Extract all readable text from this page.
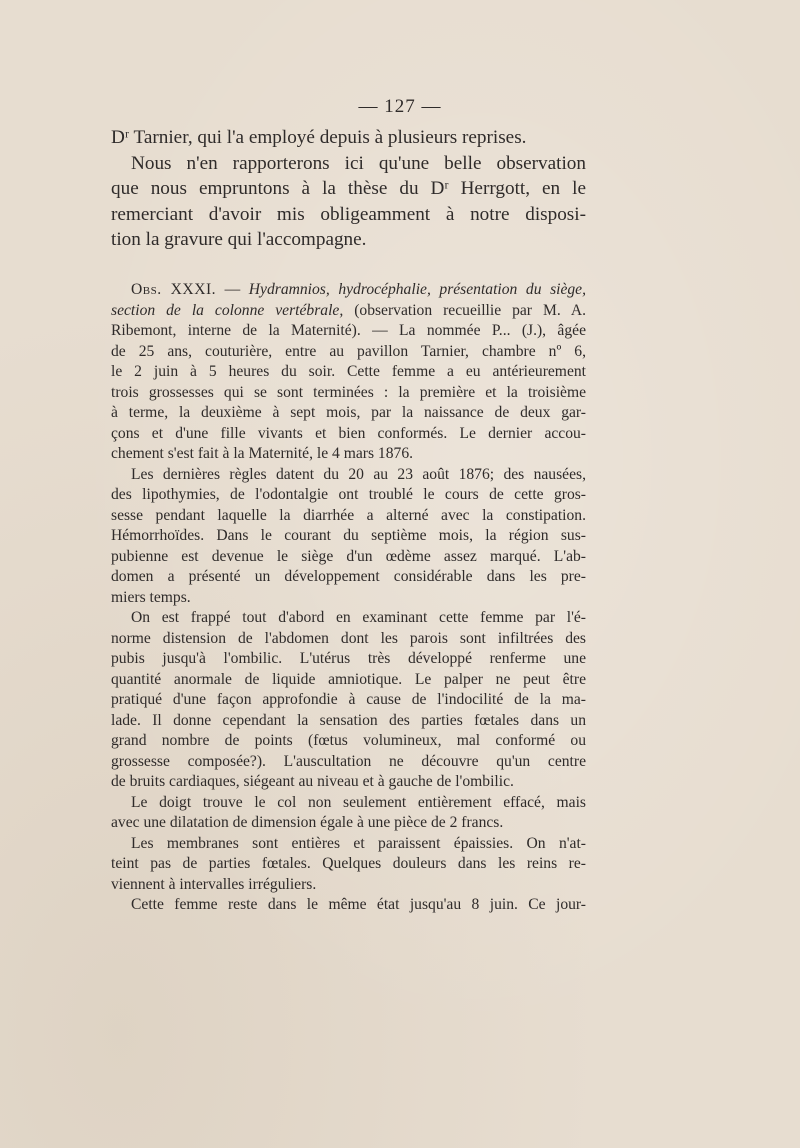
— 127 —

Dʳ Tarnier, qui l'a employé depuis à plusieurs reprises.

Nous n'en rapporterons ici qu'une belle observation
que nous empruntons à la thèse du Dʳ Herrgott, en le
remerciant d'avoir mis obligeamment à notre disposi-
tion la gravure qui l'accompagne.

Obs. XXXI. — Hydramnios, hydrocéphalie, présentation du siège,
section de la colonne vertébrale, (observation recueillie par M. A.
Ribemont, interne de la Maternité). — La nommée P... (J.), âgée
de 25 ans, couturière, entre au pavillon Tarnier, chambre nº 6,
le 2 juin à 5 heures du soir. Cette femme a eu antérieurement
trois grossesses qui se sont terminées : la première et la troisième
à terme, la deuxième à sept mois, par la naissance de deux gar-
çons et d'une fille vivants et bien conformés. Le dernier accou-
chement s'est fait à la Maternité, le 4 mars 1876.

Les dernières règles datent du 20 au 23 août 1876; des nausées,
des lipothymies, de l'odontalgie ont troublé le cours de cette gros-
sesse pendant laquelle la diarrhée a alterné avec la constipation.
Hémorrhoïdes. Dans le courant du septième mois, la région sus-
pubienne est devenue le siège d'un œdème assez marqué. L'ab-
domen a présenté un développement considérable dans les pre-
miers temps.

On est frappé tout d'abord en examinant cette femme par l'é-
norme distension de l'abdomen dont les parois sont infiltrées des
pubis jusqu'à l'ombilic. L'utérus très développé renferme une
quantité anormale de liquide amniotique. Le palper ne peut être
pratiqué d'une façon approfondie à cause de l'indocilité de la ma-
lade. Il donne cependant la sensation des parties fœtales dans un
grand nombre de points (fœtus volumineux, mal conformé ou
grossesse composée?). L'auscultation ne découvre qu'un centre
de bruits cardiaques, siégeant au niveau et à gauche de l'ombilic.

Le doigt trouve le col non seulement entièrement effacé, mais
avec une dilatation de dimension égale à une pièce de 2 francs.

Les membranes sont entières et paraissent épaissies. On n'at-
teint pas de parties fœtales. Quelques douleurs dans les reins re-
viennent à intervalles irréguliers.

Cette femme reste dans le même état jusqu'au 8 juin. Ce jour-
